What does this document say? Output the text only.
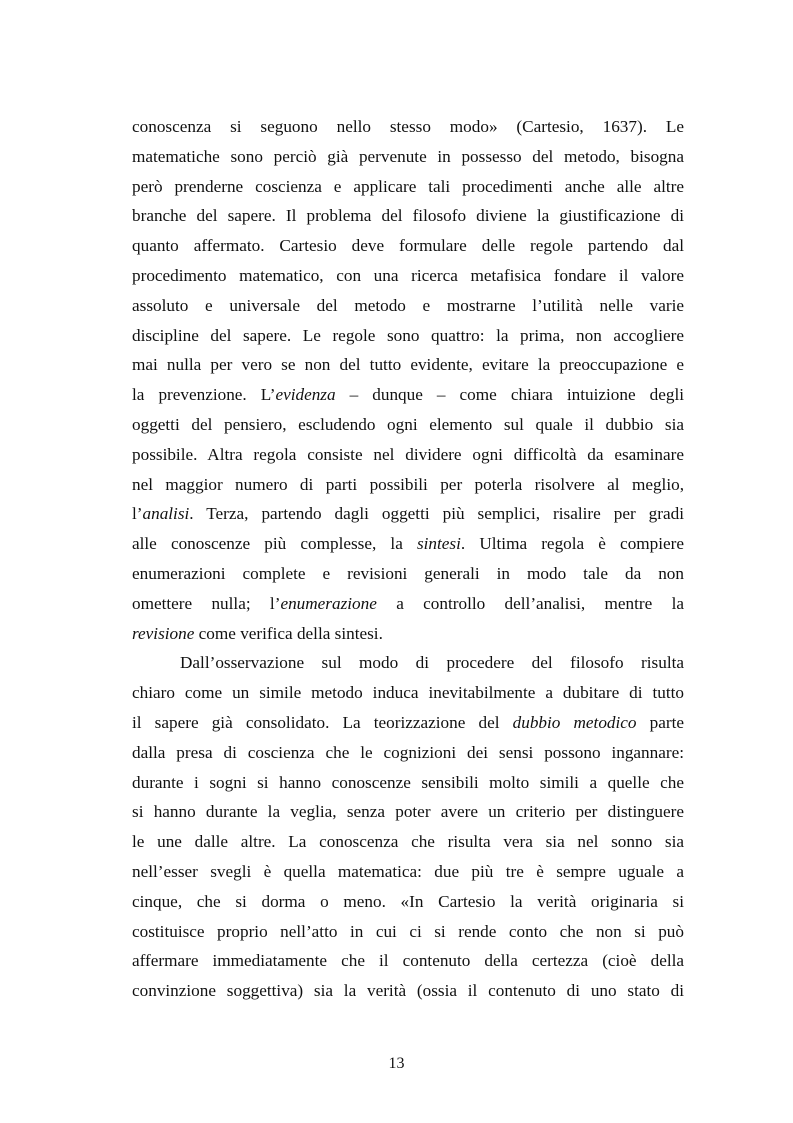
conoscenza si seguono nello stesso modo» (Cartesio, 1637). Le
matematiche sono perciò già pervenute in possesso del metodo, bisogna
però prenderne coscienza e applicare tali procedimenti anche alle altre
branche del sapere. Il problema del filosofo diviene la giustificazione di
quanto affermato. Cartesio deve formulare delle regole partendo dal
procedimento matematico, con una ricerca metafisica fondare il valore
assoluto e universale del metodo e mostrarne l’utilità nelle varie
discipline del sapere. Le regole sono quattro: la prima, non accogliere
mai nulla per vero se non del tutto evidente, evitare la preoccupazione e
la prevenzione. L’evidenza – dunque – come chiara intuizione degli
oggetti del pensiero, escludendo ogni elemento sul quale il dubbio sia
possibile. Altra regola consiste nel dividere ogni difficoltà da esaminare
nel maggior numero di parti possibili per poterla risolvere al meglio,
l’analisi. Terza, partendo dagli oggetti più semplici, risalire per gradi
alle conoscenze più complesse, la sintesi. Ultima regola è compiere
enumerazioni complete e revisioni generali in modo tale da non
omettere nulla; l’enumerazione a controllo dell’analisi, mentre la
revisione come verifica della sintesi.
Dall’osservazione sul modo di procedere del filosofo risulta
chiaro come un simile metodo induca inevitabilmente a dubitare di tutto
il sapere già consolidato. La teorizzazione del dubbio metodico parte
dalla presa di coscienza che le cognizioni dei sensi possono ingannare:
durante i sogni si hanno conoscenze sensibili molto simili a quelle che
si hanno durante la veglia, senza poter avere un criterio per distinguere
le une dalle altre. La conoscenza che risulta vera sia nel sonno sia
nell’esser svegli è quella matematica: due più tre è sempre uguale a
cinque, che si dorma o meno. «In Cartesio la verità originaria si
costituisce proprio nell’atto in cui ci si rende conto che non si può
affermare immediatamente che il contenuto della certezza (cioè della
convinzione soggettiva) sia la verità (ossia il contenuto di uno stato di
13
